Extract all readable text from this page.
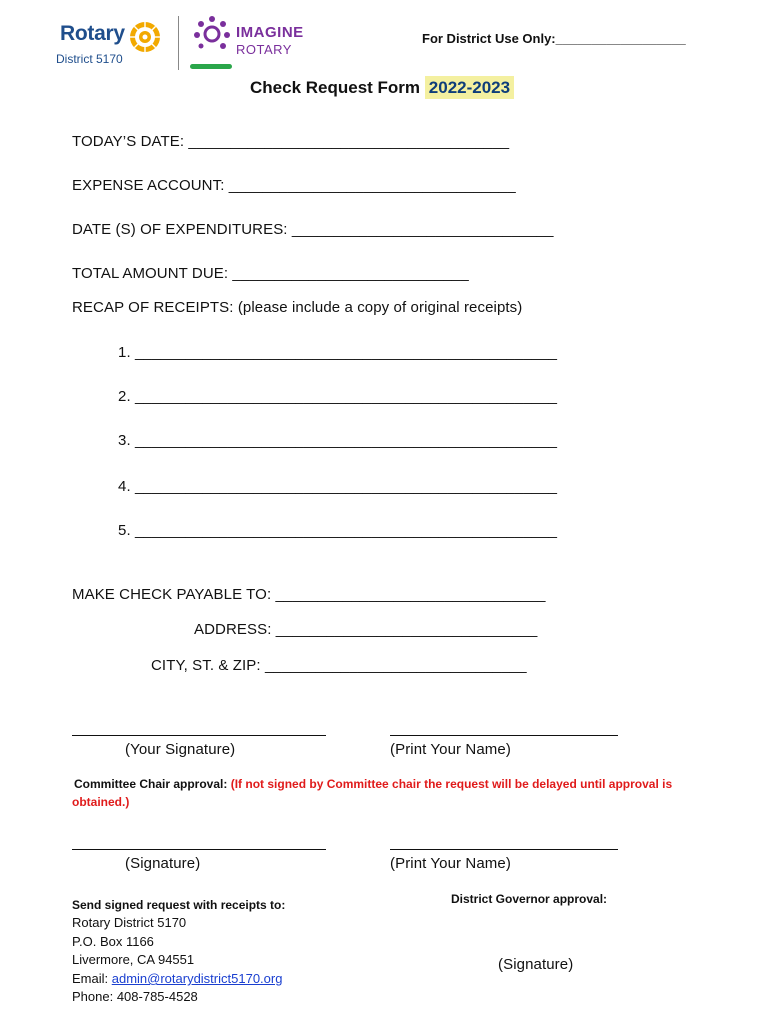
Rotary
District 5170
IMAGINE
ROTARY
For District Use Only:__________________
Check Request Form 2022-2023
TODAY’S DATE: ______________________________________
EXPENSE ACCOUNT: __________________________________
DATE (S) OF EXPENDITURES: _______________________________
TOTAL AMOUNT DUE: ____________________________
RECAP OF RECEIPTS: (please include a copy of original receipts)
1. __________________________________________________
2. __________________________________________________
3. __________________________________________________
4. __________________________________________________
5. __________________________________________________
MAKE CHECK PAYABLE TO: ________________________________
ADDRESS: _______________________________
CITY, ST. & ZIP: _______________________________
(Your Signature)	(Print Your Name)
Committee Chair approval: (If not signed by Committee chair the request will be delayed until approval is
obtained.)
(Signature)	(Print Your Name)
District Governor approval:
(Signature)
Send signed request with receipts to:
Rotary District 5170
P.O. Box 1166
Livermore, CA 94551
Email: admin@rotarydistrict5170.org
Phone: 408-785-4528
